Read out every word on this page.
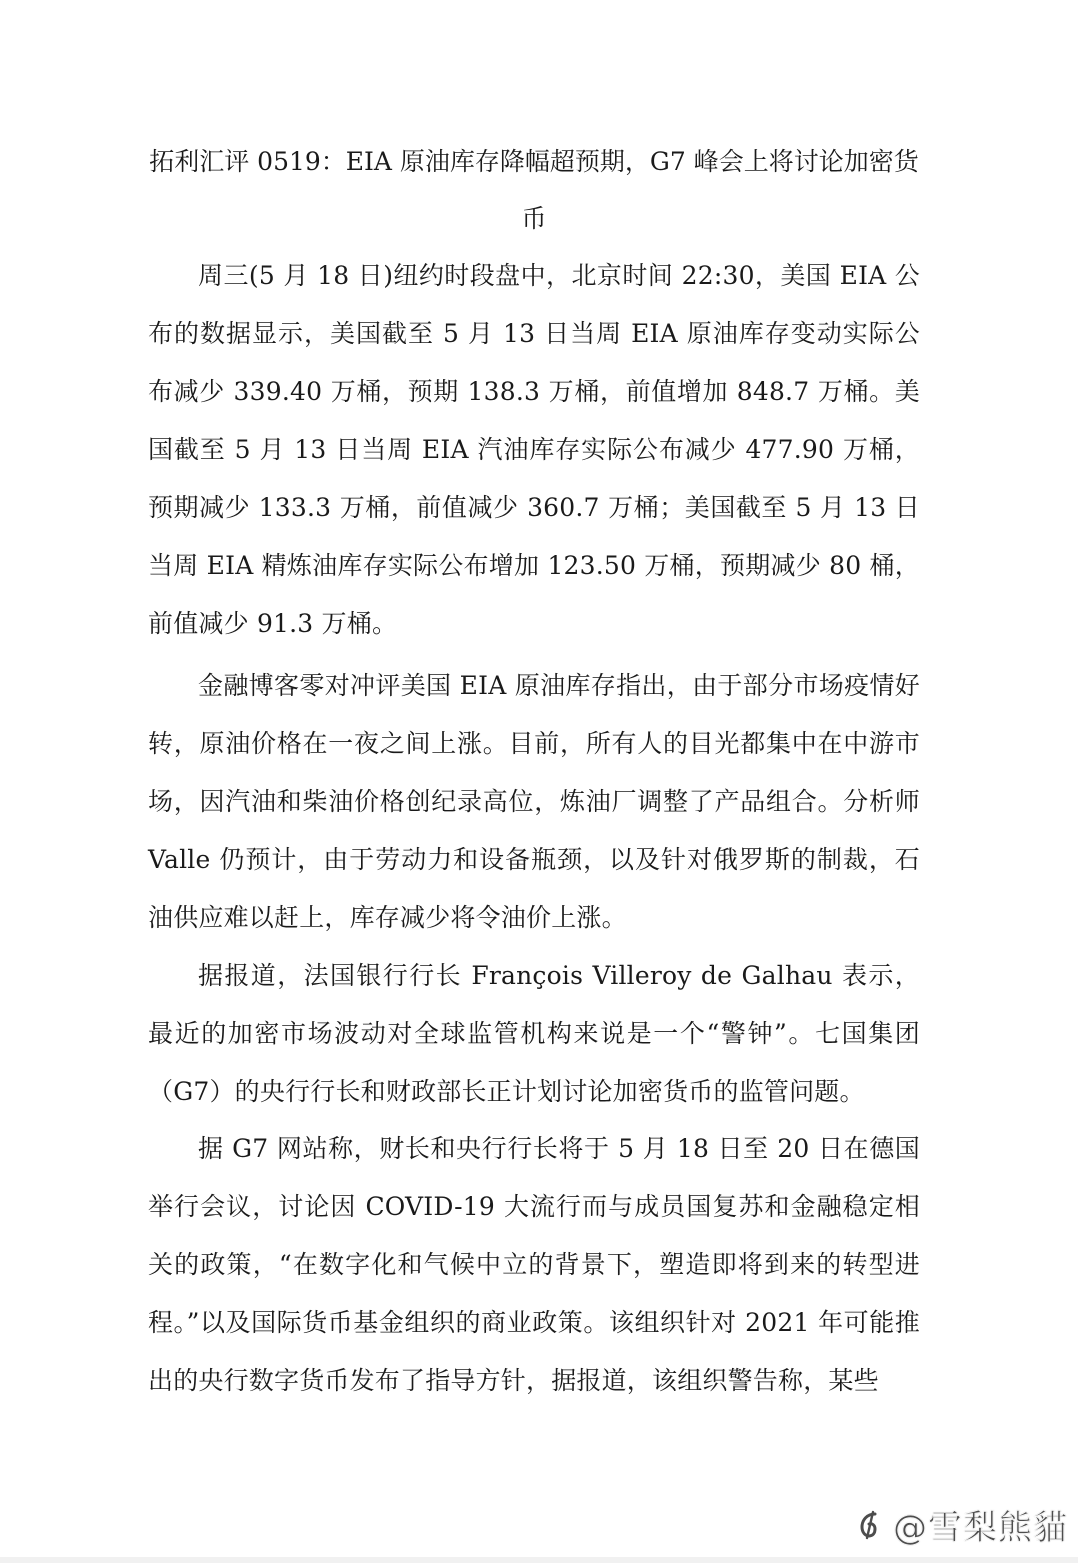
拓利汇评 0519：EIA 原油库存降幅超预期，G7 峰会上将讨论加密货
币

周三(5 月 18 日)纽约时段盘中，北京时间 22:30，美国 EIA 公布的数据显示，美国截至 5 月 13 日当周 EIA 原油库存变动实际公布减少 339.40 万桶，预期 138.3 万桶，前值增加 848.7 万桶。美国截至 5 月 13 日当周 EIA 汽油库存实际公布减少 477.90 万桶，预期减少 133.3 万桶，前值减少 360.7 万桶；美国截至 5 月 13 日当周 EIA 精炼油库存实际公布增加 123.50 万桶，预期减少 80 桶，前值减少 91.3 万桶。

金融博客零对冲评美国 EIA 原油库存指出，由于部分市场疫情好转，原油价格在一夜之间上涨。目前，所有人的目光都集中在中游市场，因汽油和柴油价格创纪录高位，炼油厂调整了产品组合。分析师 Valle 仍预计，由于劳动力和设备瓶颈，以及针对俄罗斯的制裁，石油供应难以赶上，库存减少将令油价上涨。

据报道，法国银行行长 François Villeroy de Galhau 表示，最近的加密市场波动对全球监管机构来说是一个“警钟”。七国集团（G7）的央行行长和财政部长正计划讨论加密货币的监管问题。

据 G7 网站称，财长和央行行长将于 5 月 18 日至 20 日在德国举行会议，讨论因 COVID-19 大流行而与成员国复苏和金融稳定相关的政策，“在数字化和气候中立的背景下，塑造即将到来的转型进程。”以及国际货币基金组织的商业政策。该组织针对 2021 年可能推出的央行数字货币发布了指导方针，据报道，该组织警告称，某些

@雪梨熊貓
